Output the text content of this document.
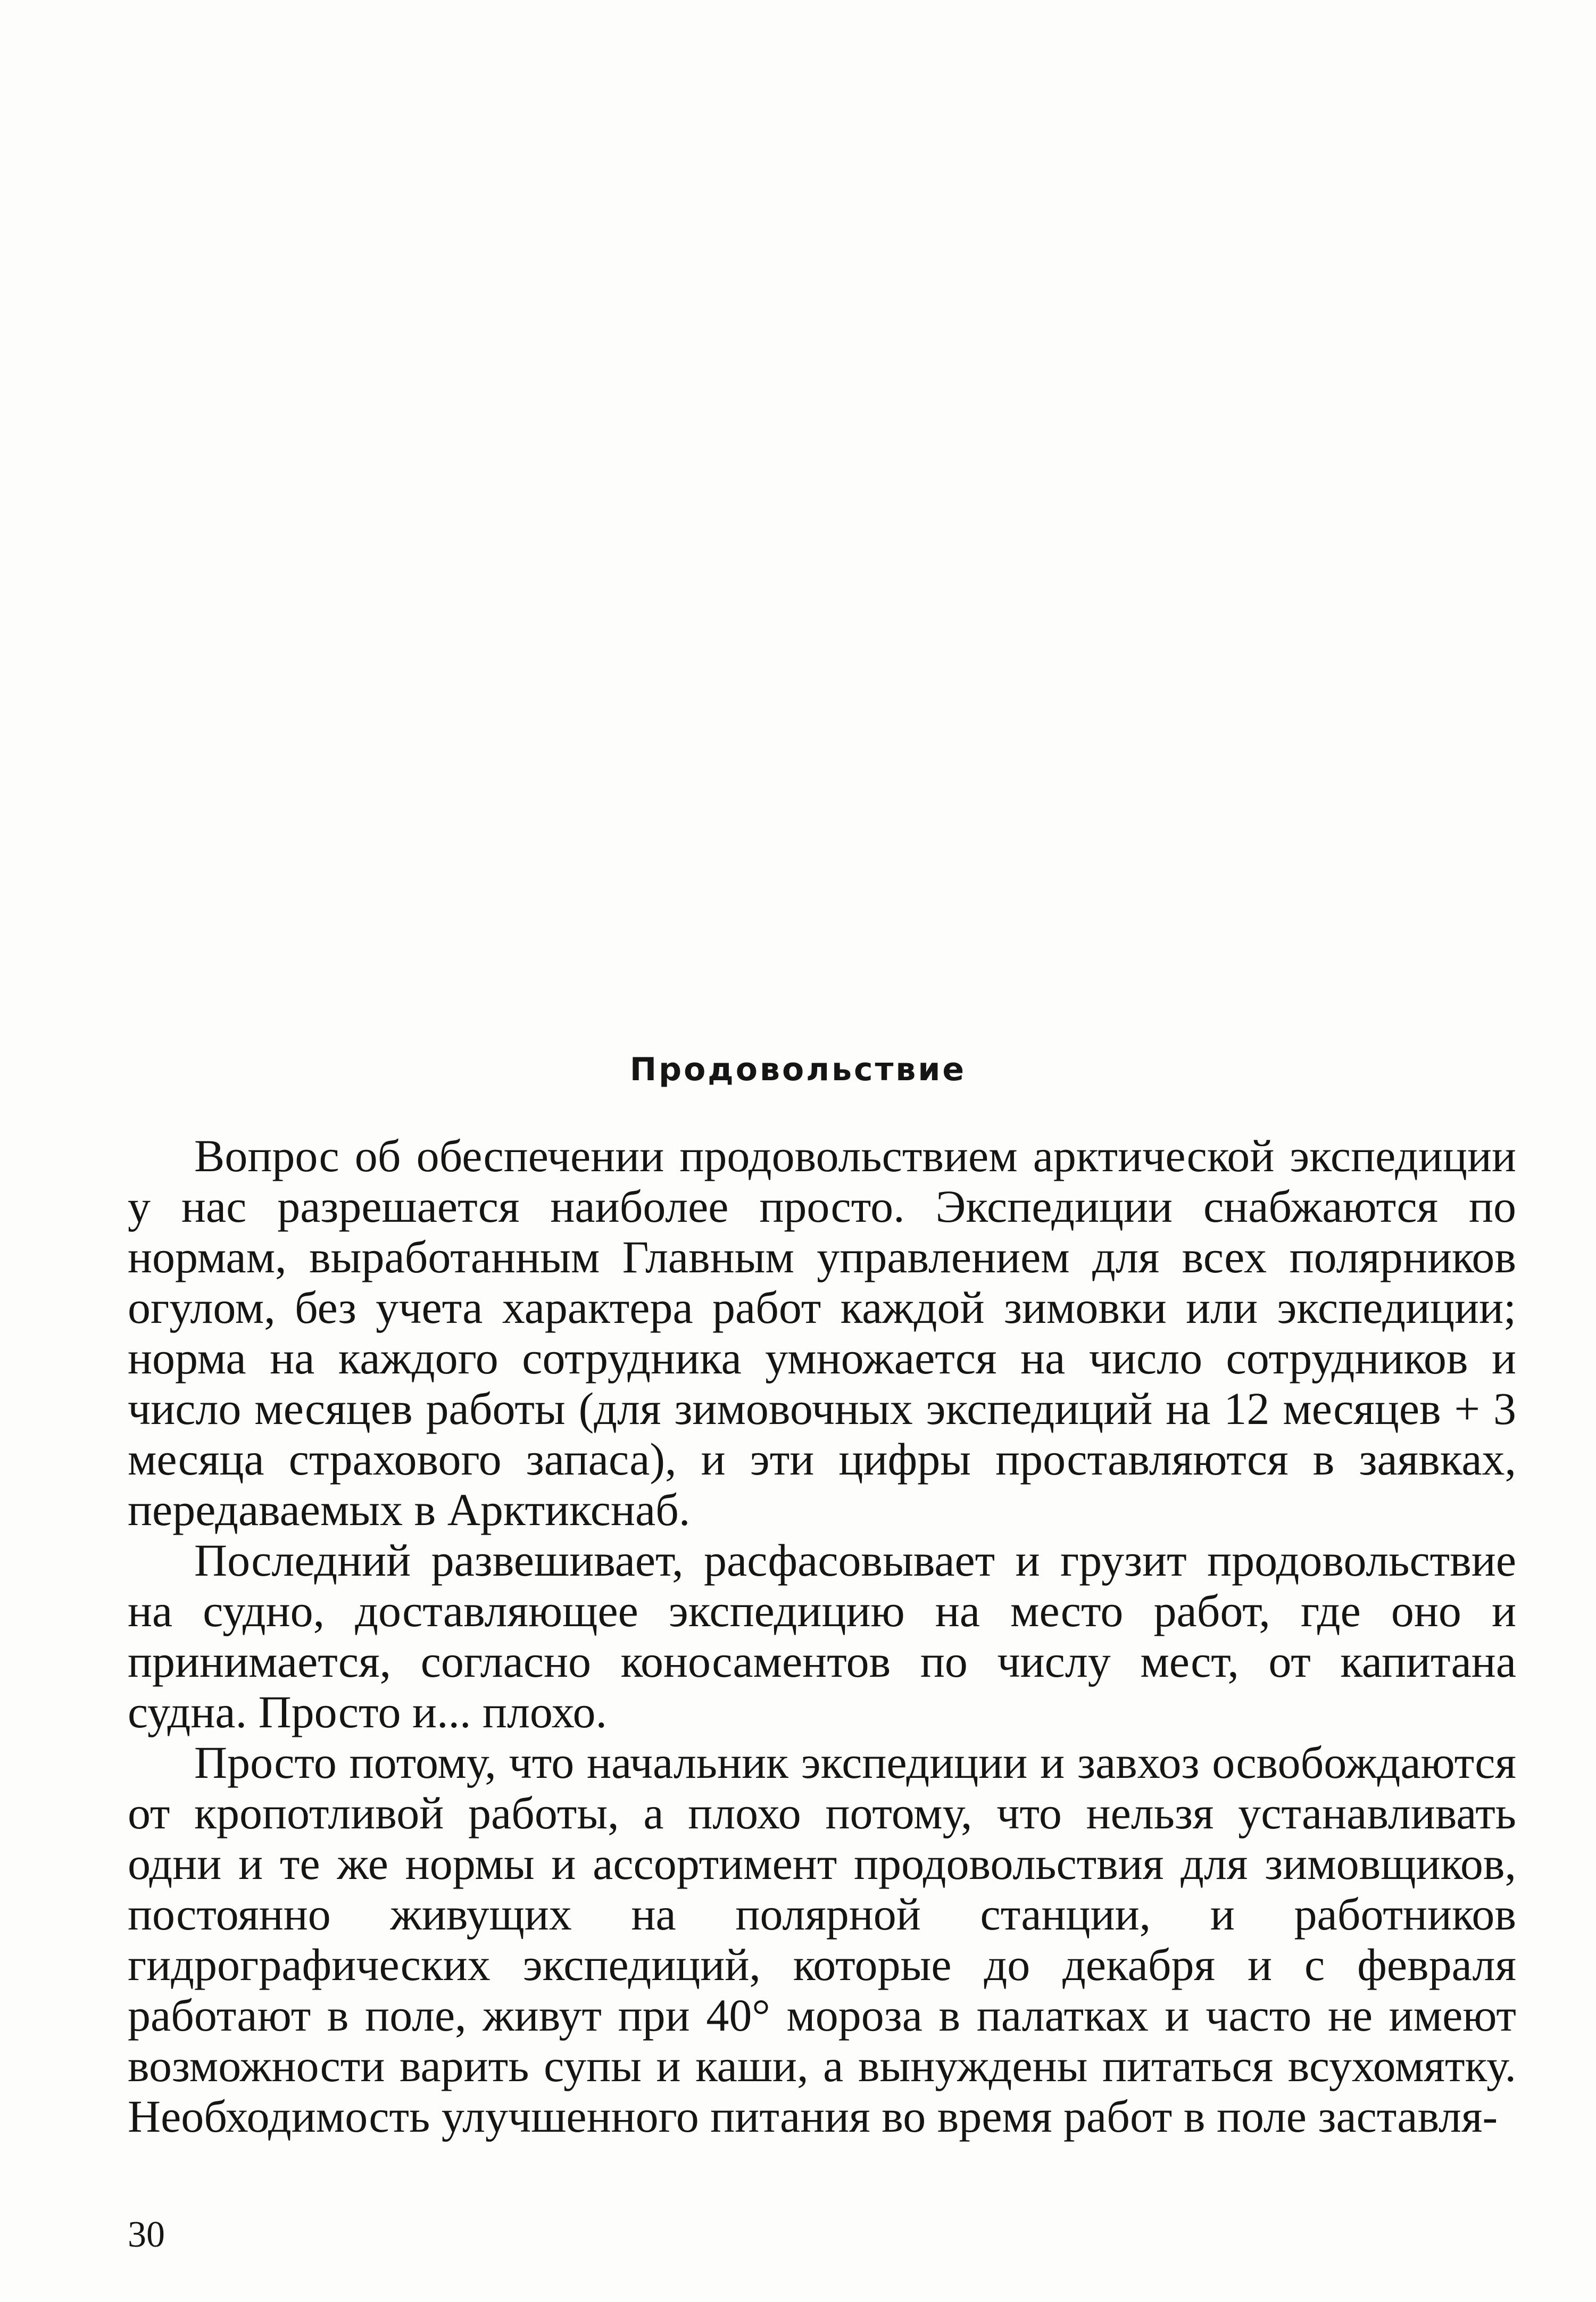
Продовольствие

Вопрос об обеспечении продовольствием арктической экспедиции у нас разрешается наиболее просто. Экспедиции снабжаются по нормам, выработанным Главным управлением для всех полярников огулом, без учета характера работ каждой зимовки или экспедиции; норма на каждого сотрудника умножается на число сотрудников и число месяцев работы (для зимовочных экспедиций на 12 месяцев + 3 месяца страхового запаса), и эти цифры проставляются в заявках, передаваемых в Арктикснаб.

Последний развешивает, расфасовывает и грузит продовольствие на судно, доставляющее экспедицию на место работ, где оно и принимается, согласно коносаментов по числу мест, от капитана судна. Просто и... плохо.

Просто потому, что начальник экспедиции и завхоз освобождаются от кропотливой работы, а плохо потому, что нельзя устанавливать одни и те же нормы и ассортимент продовольствия для зимовщиков, постоянно живущих на полярной станции, и работников гидрографических экспедиций, которые до декабря и с февраля работают в поле, живут при 40° мороза в палатках и часто не имеют возможности варить супы и каши, а вынуждены питаться всухомятку. Необходимость улучшенного питания во время работ в поле заставля-

30
